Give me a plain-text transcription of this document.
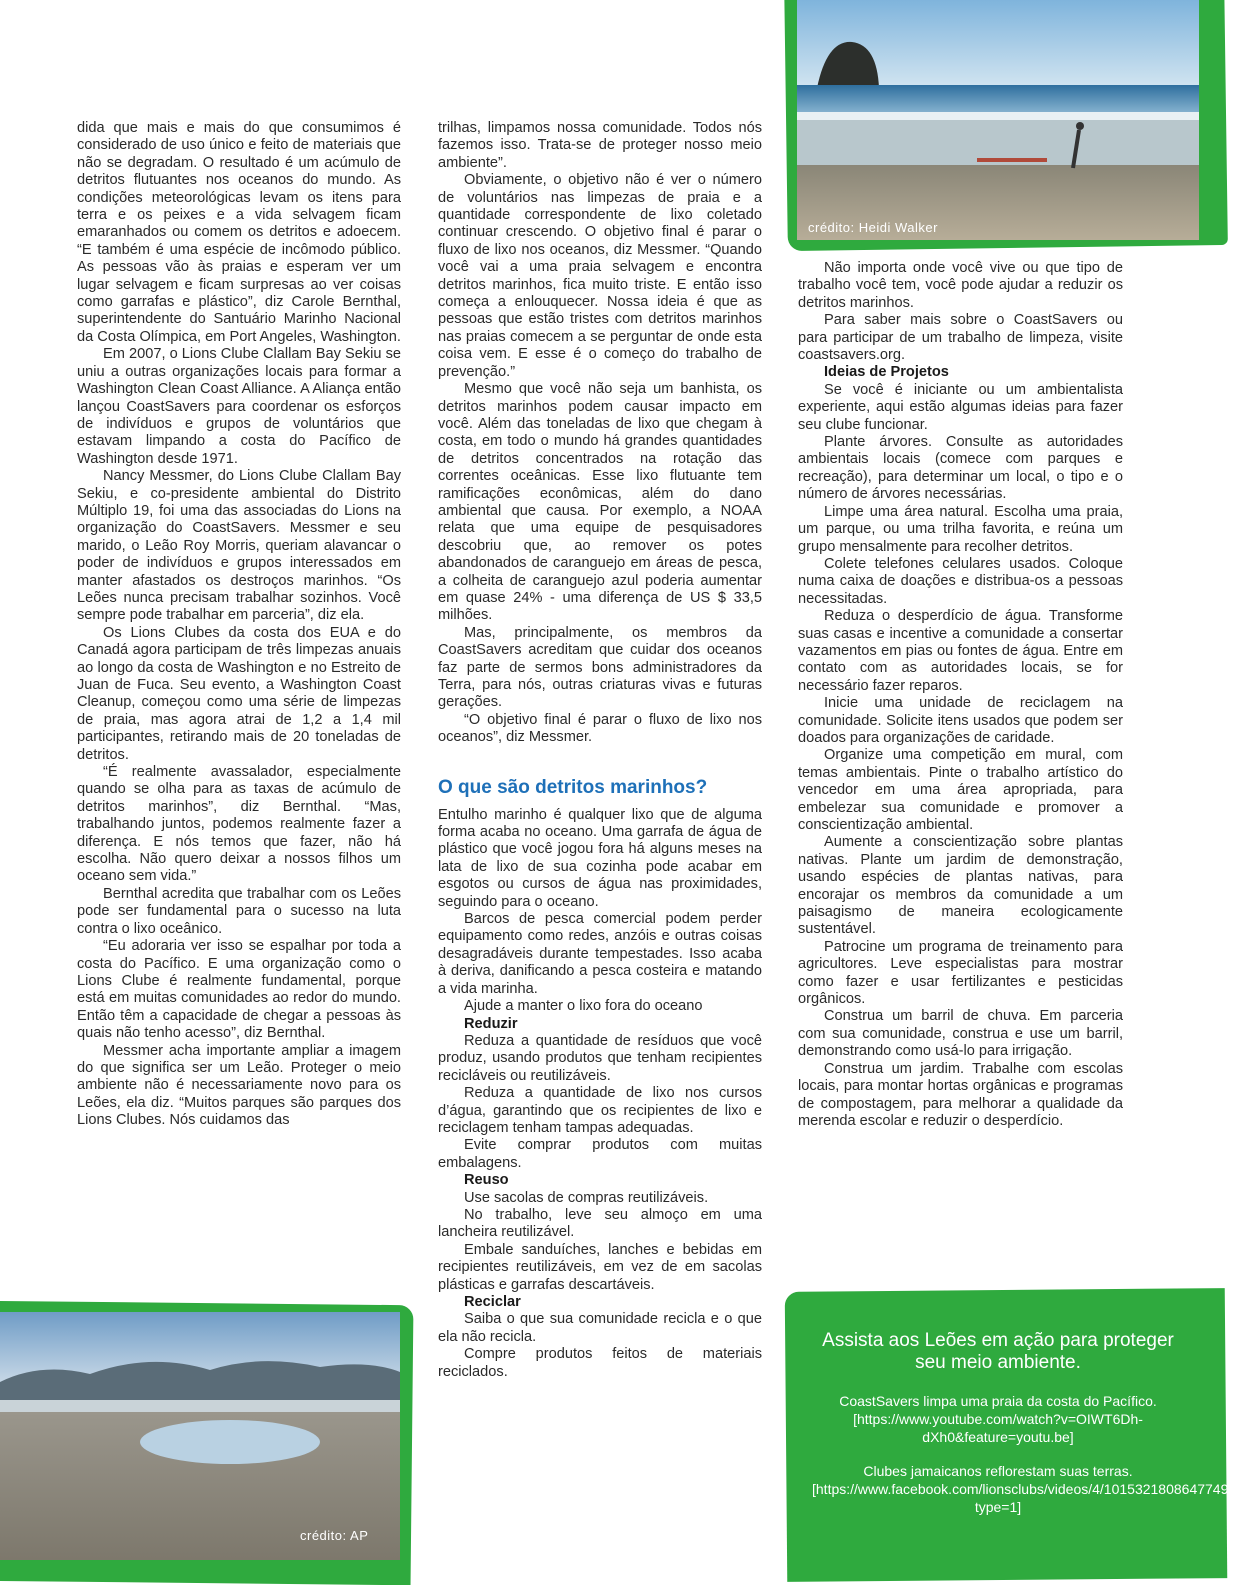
crédito: Heidi Walker

dida que mais e mais do que consumimos é considerado de uso único e feito de materiais que não se degradam. O resultado é um acúmulo de detritos flutuantes nos oceanos do mundo. As condições meteorológicas levam os itens para terra e os peixes e a vida selvagem ficam emaranhados ou comem os detritos e adoecem. “E também é uma espécie de incômodo público. As pessoas vão às praias e esperam ver um lugar selvagem e ficam surpresas ao ver coisas como garrafas e plástico”, diz Carole Bernthal, superintendente do Santuário Marinho Nacional da Costa Olímpica, em Port Angeles, Washington.

Em 2007, o Lions Clube Clallam Bay Sekiu se uniu a outras organizações locais para formar a Washington Clean Coast Alliance. A Aliança então lançou CoastSavers para coordenar os esforços de indivíduos e grupos de voluntários que estavam limpando a costa do Pacífico de Washington desde 1971.

Nancy Messmer, do Lions Clube Clallam Bay Sekiu, e co-presidente ambiental do Distrito Múltiplo 19, foi uma das associadas do Lions na organização do CoastSavers. Messmer e seu marido, o Leão Roy Morris, queriam alavancar o poder de indivíduos e grupos interessados em manter afastados os destroços marinhos. “Os Leões nunca precisam trabalhar sozinhos. Você sempre pode trabalhar em parceria”, diz ela.

Os Lions Clubes da costa dos EUA e do Canadá agora participam de três limpezas anuais ao longo da costa de Washington e no Estreito de Juan de Fuca. Seu evento, a Washington Coast Cleanup, começou como uma série de limpezas de praia, mas agora atrai de 1,2 a 1,4 mil participantes, retirando mais de 20 toneladas de detritos.

“É realmente avassalador, especialmente quando se olha para as taxas de acúmulo de detritos marinhos”, diz Bernthal. “Mas, trabalhando juntos, podemos realmente fazer a diferença. E nós temos que fazer, não há escolha. Não quero deixar a nossos filhos um oceano sem vida.”

Bernthal acredita que trabalhar com os Leões pode ser fundamental para o sucesso na luta contra o lixo oceânico.

“Eu adoraria ver isso se espalhar por toda a costa do Pacífico. E uma organização como o Lions Clube é realmente fundamental, porque está em muitas comunidades ao redor do mundo. Então têm a capacidade de chegar a pessoas às quais não tenho acesso”, diz Bernthal.

Messmer acha importante ampliar a imagem do que significa ser um Leão. Proteger o meio ambiente não é necessariamente novo para os Leões, ela diz. “Muitos parques são parques dos Lions Clubes. Nós cuidamos das

trilhas, limpamos nossa comunidade. Todos nós fazemos isso. Trata-se de proteger nosso meio ambiente”.

Obviamente, o objetivo não é ver o número de voluntários nas limpezas de praia e a quantidade correspondente de lixo coletado continuar crescendo. O objetivo final é parar o fluxo de lixo nos oceanos, diz Messmer. “Quando você vai a uma praia selvagem e encontra detritos marinhos, fica muito triste. E então isso começa a enlouquecer. Nossa ideia é que as pessoas que estão tristes com detritos marinhos nas praias comecem a se perguntar de onde esta coisa vem. E esse é o começo do trabalho de prevenção.”

Mesmo que você não seja um banhista, os detritos marinhos podem causar impacto em você. Além das toneladas de lixo que chegam à costa, em todo o mundo há grandes quantidades de detritos concentrados na rotação das correntes oceânicas. Esse lixo flutuante tem ramificações econômicas, além do dano ambiental que causa. Por exemplo, a NOAA relata que uma equipe de pesquisadores descobriu que, ao remover os potes abandonados de caranguejo em áreas de pesca, a colheita de caranguejo azul poderia aumentar em quase 24% - uma diferença de US $ 33,5 milhões.

Mas, principalmente, os membros da CoastSavers acreditam que cuidar dos oceanos faz parte de sermos bons administradores da Terra, para nós, outras criaturas vivas e futuras gerações.

“O objetivo final é parar o fluxo de lixo nos oceanos”, diz Messmer.

O que são detritos marinhos?

Entulho marinho é qualquer lixo que de alguma forma acaba no oceano. Uma garrafa de água de plástico que você jogou fora há alguns meses na lata de lixo de sua cozinha pode acabar em esgotos ou cursos de água nas proximidades, seguindo para o oceano.

Barcos de pesca comercial podem perder equipamento como redes, anzóis e outras coisas desagradáveis durante tempestades. Isso acaba à deriva, danificando a pesca costeira e matando a vida marinha.

Ajude a manter o lixo fora do oceano

Reduzir

Reduza a quantidade de resíduos que você produz, usando produtos que tenham recipientes recicláveis ou reutilizáveis.

Reduza a quantidade de lixo nos cursos d’água, garantindo que os recipientes de lixo e reciclagem tenham tampas adequadas.

Evite comprar produtos com muitas embalagens.

Reuso

Use sacolas de compras reutilizáveis.

No trabalho, leve seu almoço em uma lancheira reutilizável.

Embale sanduíches, lanches e bebidas em recipientes reutilizáveis, em vez de em sacolas plásticas e garrafas descartáveis.

Reciclar

Saiba o que sua comunidade recicla e o que ela não recicla.

Compre produtos feitos de materiais reciclados.

Não importa onde você vive ou que tipo de trabalho você tem, você pode ajudar a reduzir os detritos marinhos.

Para saber mais sobre o CoastSavers ou para participar de um trabalho de limpeza, visite coastsavers.org.

Ideias de Projetos

Se você é iniciante ou um ambientalista experiente, aqui estão algumas ideias para fazer seu clube funcionar.

Plante árvores. Consulte as autoridades ambientais locais (comece com parques e recreação), para determinar um local, o tipo e o número de árvores necessárias.

Limpe uma área natural. Escolha uma praia, um parque, ou uma trilha favorita, e reúna um grupo mensalmente para recolher detritos.

Colete telefones celulares usados. Coloque numa caixa de doações e distribua-os a pessoas necessitadas.

Reduza o desperdício de água. Transforme suas casas e incentive a comunidade a consertar vazamentos em pias ou fontes de água. Entre em contato com as autoridades locais, se for necessário fazer reparos.

Inicie uma unidade de reciclagem na comunidade. Solicite itens usados que podem ser doados para organizações de caridade.

Organize uma competição em mural, com temas ambientais. Pinte o trabalho artístico do vencedor em uma área apropriada, para embelezar sua comunidade e promover a conscientização ambiental.

Aumente a conscientização sobre plantas nativas. Plante um jardim de demonstração, usando espécies de plantas nativas, para encorajar os membros da comunidade a um paisagismo de maneira ecologicamente sustentável.

Patrocine um programa de treinamento para agricultores. Leve especialistas para mostrar como fazer e usar fertilizantes e pesticidas orgânicos.

Construa um barril de chuva. Em parceria com sua comunidade, construa e use um barril, demonstrando como usá-lo para irrigação.

Construa um jardim. Trabalhe com escolas locais, para montar hortas orgânicas e programas de compostagem, para melhorar a qualidade da merenda escolar e reduzir o desperdício.

crédito: AP

Assista aos Leões em ação para proteger seu meio ambiente.

CoastSavers limpa uma praia da costa do Pacífico.
[https://www.youtube.com/watch?v=OIWT6Dh-dXh0&feature=youtu.be]

Clubes jamaicanos reflorestam suas terras.
[https://www.facebook.com/lionsclubs/videos/4/10153218086477492/?type=1]
